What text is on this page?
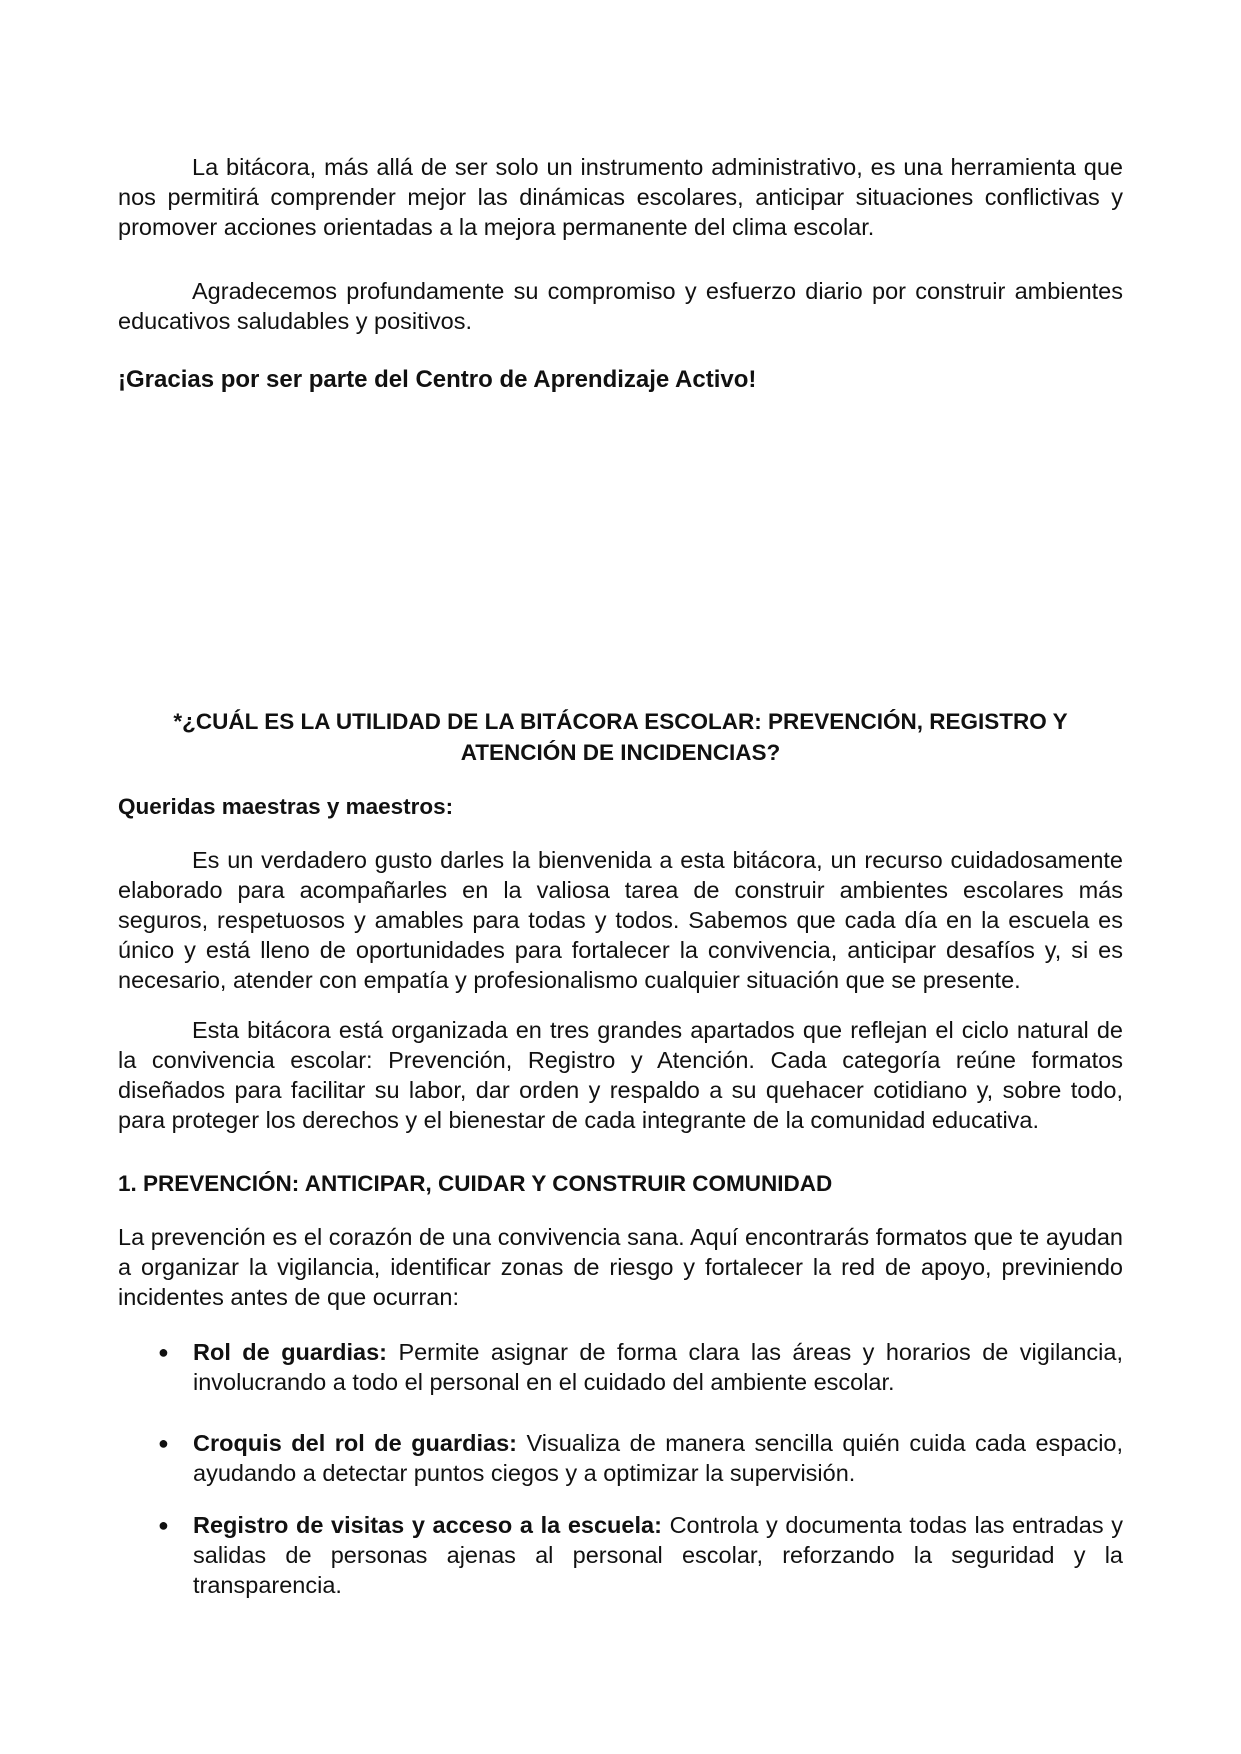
La bitácora, más allá de ser solo un instrumento administrativo, es una herramienta que nos permitirá comprender mejor las dinámicas escolares, anticipar situaciones conflictivas y promover acciones orientadas a la mejora permanente del clima escolar.

Agradecemos profundamente su compromiso y esfuerzo diario por construir ambientes educativos saludables y positivos.

¡Gracias por ser parte del Centro de Aprendizaje Activo!

*¿CUÁL ES LA UTILIDAD DE LA BITÁCORA ESCOLAR: PREVENCIÓN, REGISTRO Y ATENCIÓN DE INCIDENCIAS?

Queridas maestras y maestros:

Es un verdadero gusto darles la bienvenida a esta bitácora, un recurso cuidadosamente elaborado para acompañarles en la valiosa tarea de construir ambientes escolares más seguros, respetuosos y amables para todas y todos. Sabemos que cada día en la escuela es único y está lleno de oportunidades para fortalecer la convivencia, anticipar desafíos y, si es necesario, atender con empatía y profesionalismo cualquier situación que se presente.

Esta bitácora está organizada en tres grandes apartados que reflejan el ciclo natural de la convivencia escolar: Prevención, Registro y Atención. Cada categoría reúne formatos diseñados para facilitar su labor, dar orden y respaldo a su quehacer cotidiano y, sobre todo, para proteger los derechos y el bienestar de cada integrante de la comunidad educativa.

1. PREVENCIÓN: ANTICIPAR, CUIDAR Y CONSTRUIR COMUNIDAD

La prevención es el corazón de una convivencia sana. Aquí encontrarás formatos que te ayudan a organizar la vigilancia, identificar zonas de riesgo y fortalecer la red de apoyo, previniendo incidentes antes de que ocurran:

● Rol de guardias: Permite asignar de forma clara las áreas y horarios de vigilancia, involucrando a todo el personal en el cuidado del ambiente escolar.
● Croquis del rol de guardias: Visualiza de manera sencilla quién cuida cada espacio, ayudando a detectar puntos ciegos y a optimizar la supervisión.
● Registro de visitas y acceso a la escuela: Controla y documenta todas las entradas y salidas de personas ajenas al personal escolar, reforzando la seguridad y la transparencia.
